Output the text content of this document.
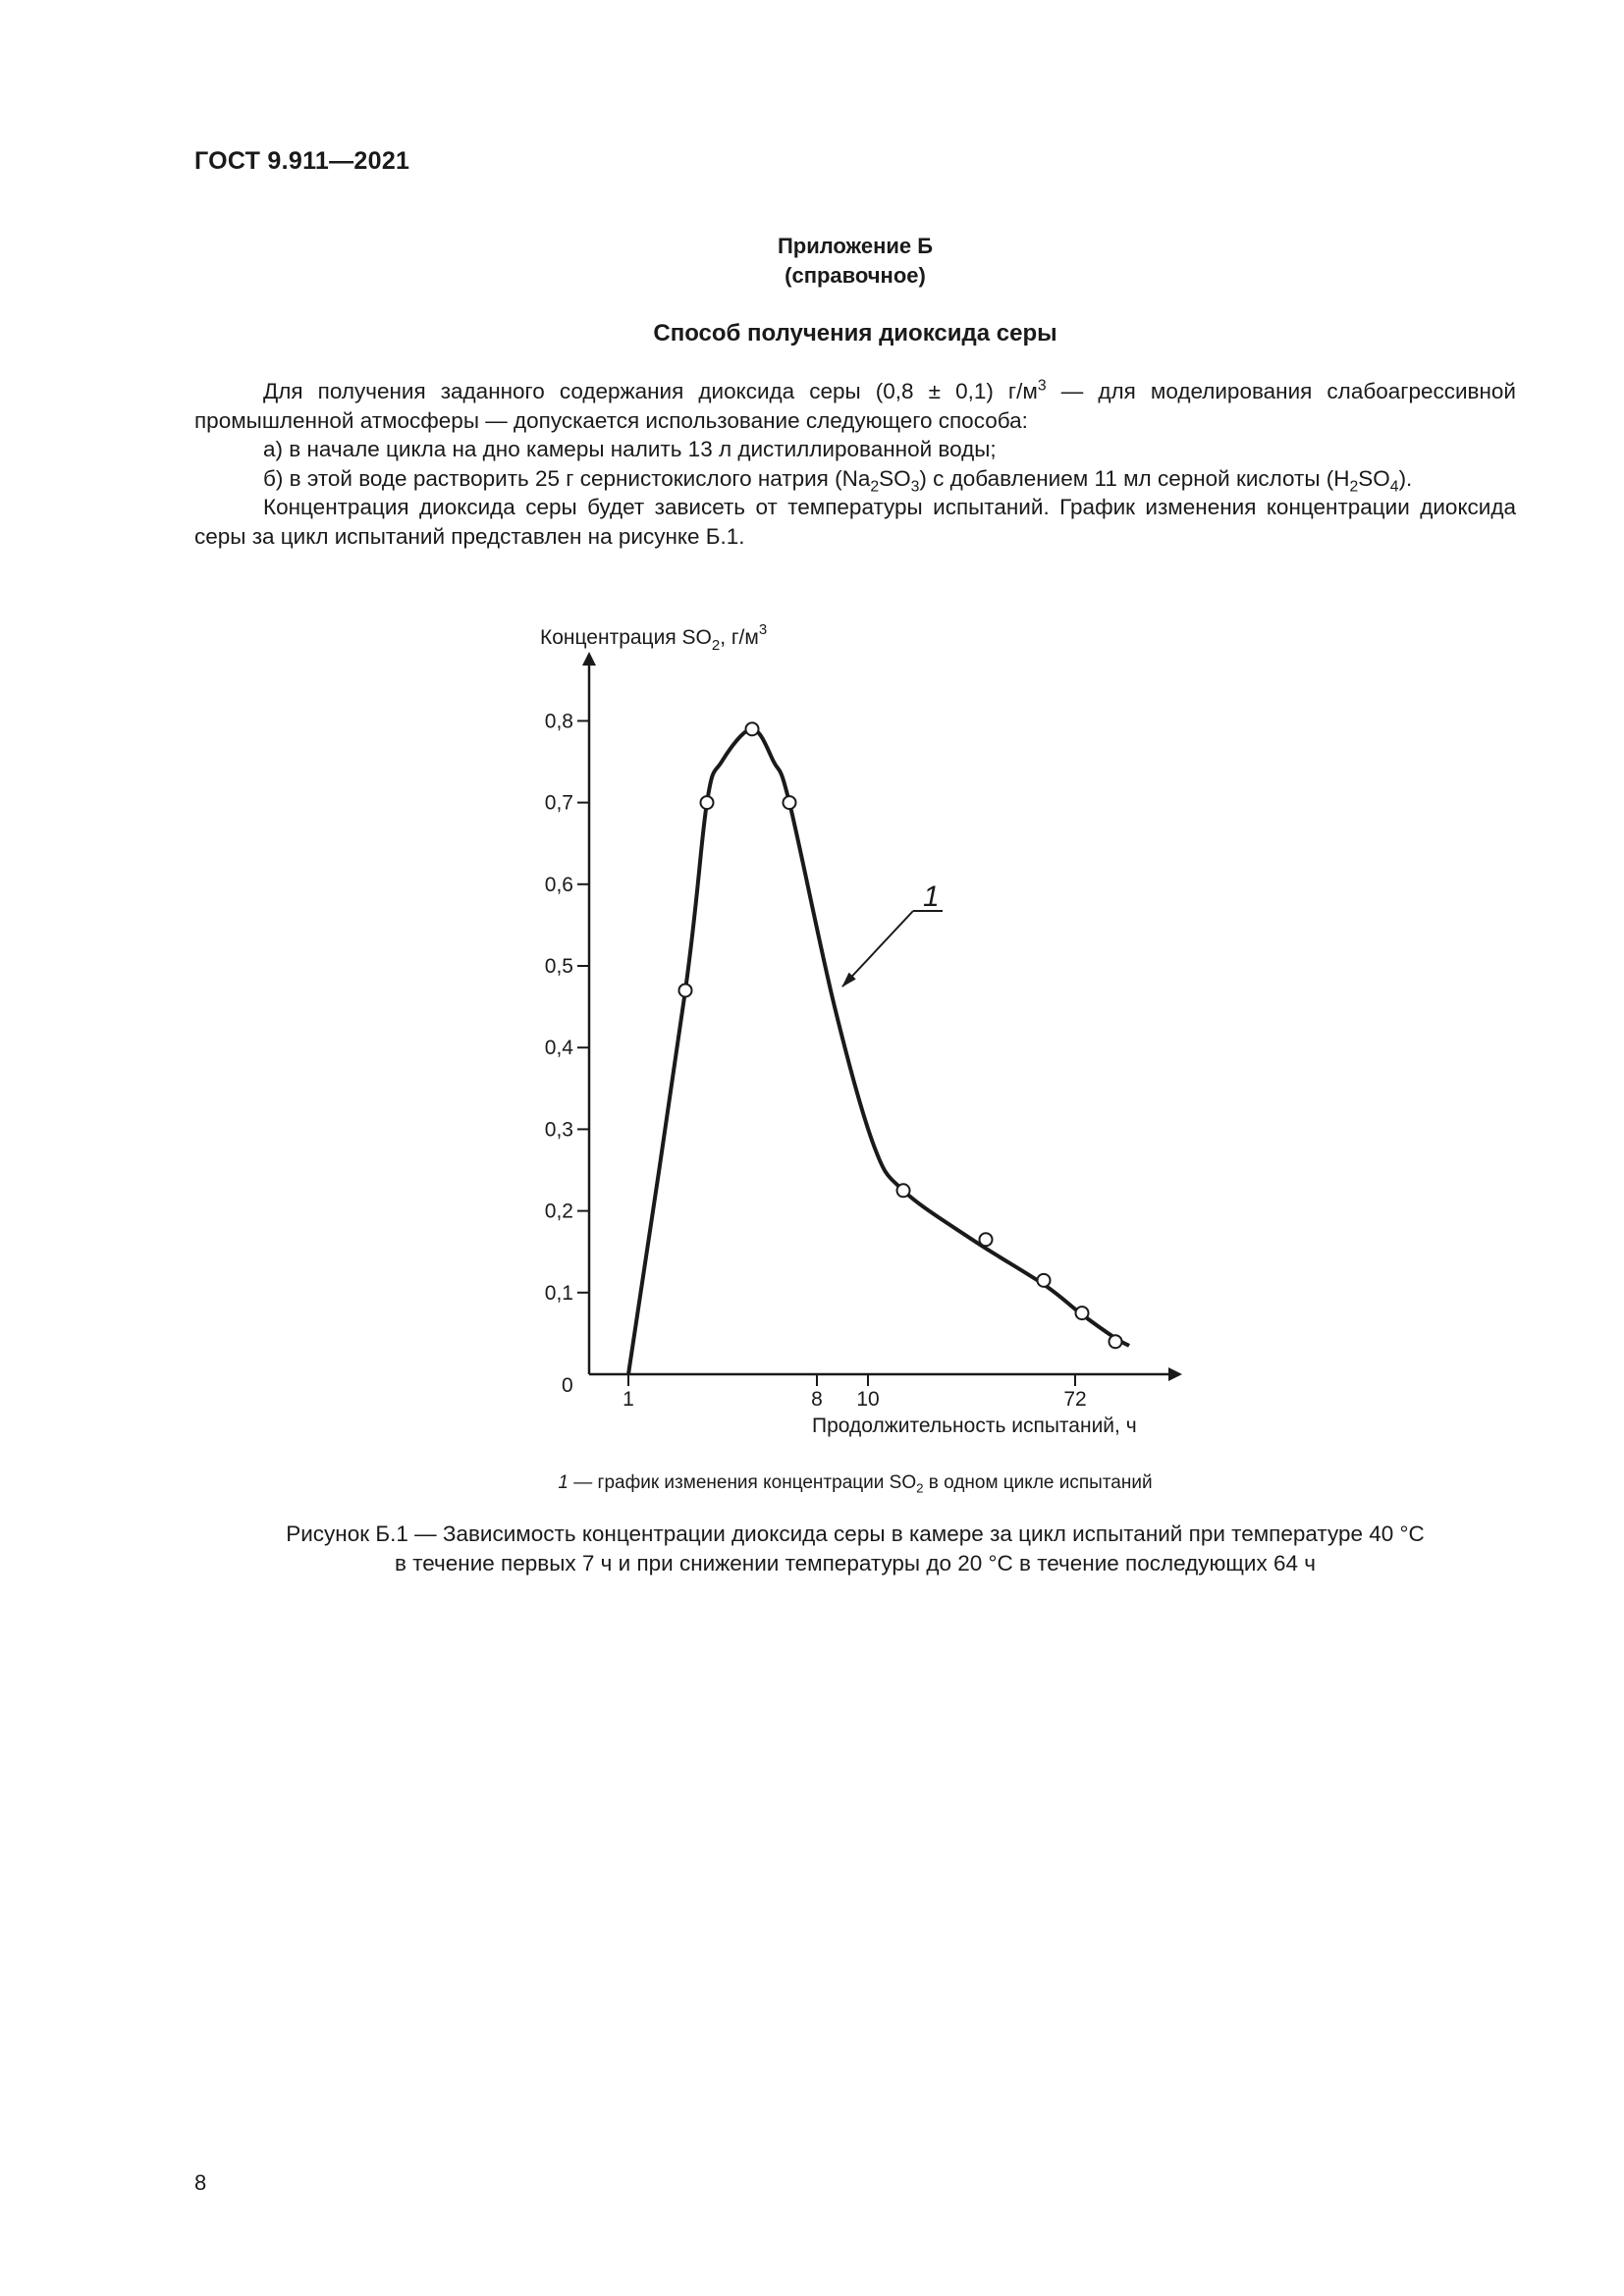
ГОСТ 9.911—2021
Приложение Б
(справочное)
Способ получения диоксида серы

Для получения заданного содержания диоксида серы (0,8 ± 0,1) $г/м^3$ — для моделирования слабоагрессивной промышленной атмосферы — допускается использование следующего способа:

а) в начале цикла на дно камеры налить 13 л дистиллированной воды;

б) в этой воде растворить 25 г сернистокислого натрия $(Na_2SO_3)$ с добавлением 11 мл серной кислоты $(H_2SO_4)$.

Концентрация диоксида серы будет зависеть от температуры испытаний. График изменения концентрации диоксида серы за цикл испытаний представлен на рисунке Б.1.

Концентрация $SO_2$, $г/м^3$
0
0,1
0,2
0,3
0,4
0,5
0,6
0,7
0,8
1	8 10	72
Продолжительность испытаний, ч
1
1 — график изменения концентрации $SO_2$ в одном цикле испытаний
Рисунок Б.1 — Зависимость концентрации диоксида серы в камере за цикл испытаний при температуре 40 °С
в течение первых 7 ч и при снижении температуры до 20 °С в течение последующих 64 ч
8
